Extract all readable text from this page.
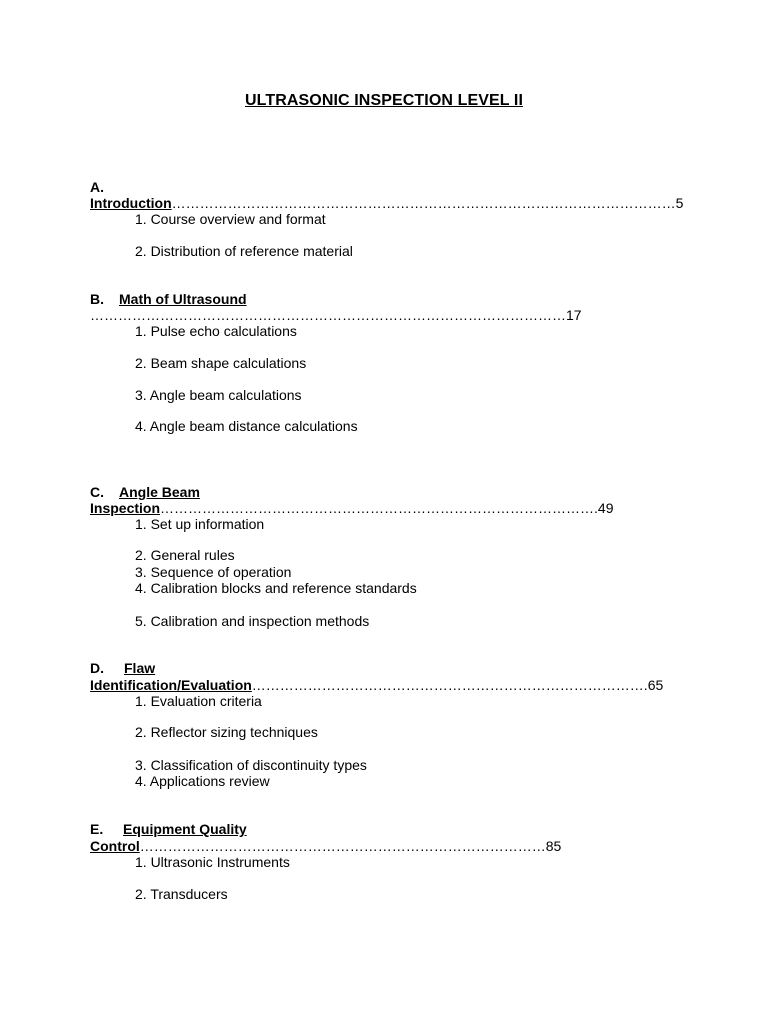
ULTRASONIC INSPECTION LEVEL II
A.
Introduction………………………………………………………………………………………………5
1. Course overview and format
2. Distribution of reference material
B. Math of Ultrasound
…………………………………………………………………………………………17
1. Pulse echo calculations
2. Beam shape calculations
3. Angle beam calculations
4. Angle beam distance calculations
C. Angle Beam
Inspection………………………………………………………………………………….49
1. Set up information
2. General rules
3. Sequence of operation
4. Calibration blocks and reference standards
5. Calibration and inspection methods
D. Flaw
Identification/Evaluation………………………………………………………………………….65
1. Evaluation criteria
2. Reflector sizing techniques
3. Classification of discontinuity types
4. Applications review
E. Equipment Quality
Control……………………………………………………………………………85
1. Ultrasonic Instruments
2. Transducers
